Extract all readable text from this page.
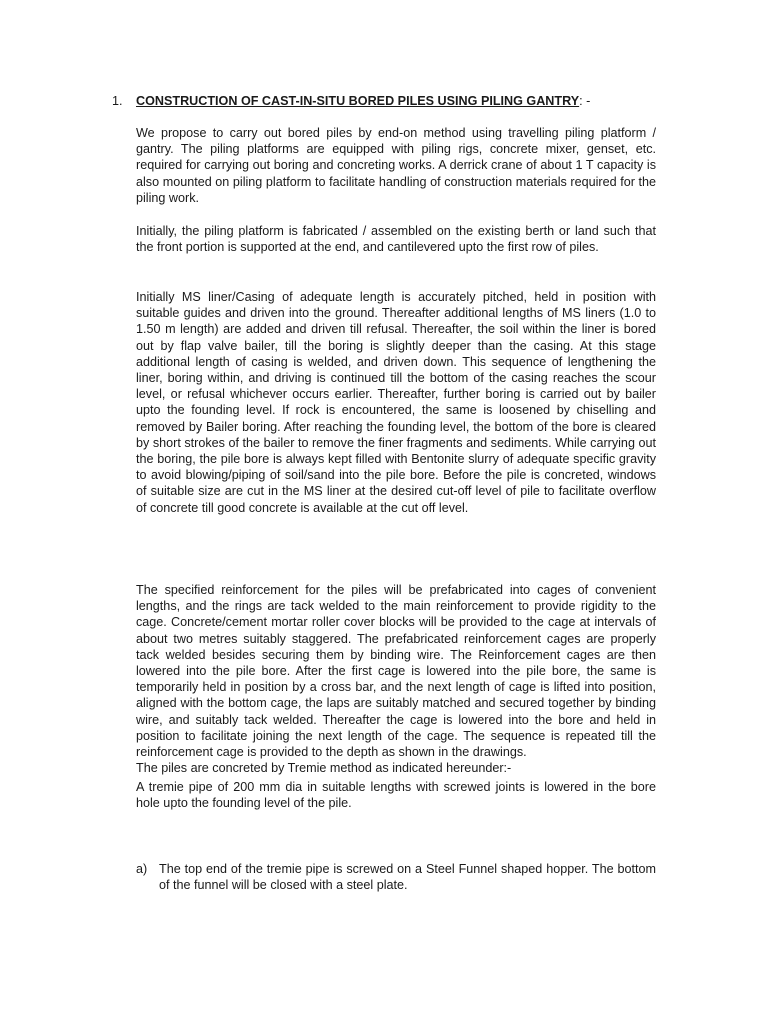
1. CONSTRUCTION OF CAST-IN-SITU BORED PILES USING PILING GANTRY: -

We propose to carry out bored piles by end-on method using travelling piling platform / gantry. The piling platforms are equipped with piling rigs, concrete mixer, genset, etc. required for carrying out boring and concreting works. A derrick crane of about 1 T capacity is also mounted on piling platform to facilitate handling of construction materials required for the piling work.

Initially, the piling platform is fabricated / assembled on the existing berth or land such that the front portion is supported at the end, and cantilevered upto the first row of piles.

Initially MS liner/Casing of adequate length is accurately pitched, held in position with suitable guides and driven into the ground. Thereafter additional lengths of MS liners (1.0 to 1.50 m length) are added and driven till refusal. Thereafter, the soil within the liner is bored out by flap valve bailer, till the boring is slightly deeper than the casing. At this stage additional length of casing is welded, and driven down. This sequence of lengthening the liner, boring within, and driving is continued till the bottom of the casing reaches the scour level, or refusal whichever occurs earlier. Thereafter, further boring is carried out by bailer upto the founding level. If rock is encountered, the same is loosened by chiselling and removed by Bailer boring. After reaching the founding level, the bottom of the bore is cleared by short strokes of the bailer to remove the finer fragments and sediments. While carrying out the boring, the pile bore is always kept filled with Bentonite slurry of adequate specific gravity to avoid blowing/piping of soil/sand into the pile bore. Before the pile is concreted, windows of suitable size are cut in the MS liner at the desired cut-off level of pile to facilitate overflow of concrete till good concrete is available at the cut off level.

The specified reinforcement for the piles will be prefabricated into cages of convenient lengths, and the rings are tack welded to the main reinforcement to provide rigidity to the cage. Concrete/cement mortar roller cover blocks will be provided to the cage at intervals of about two metres suitably staggered. The prefabricated reinforcement cages are properly tack welded besides securing them by binding wire. The Reinforcement cages are then lowered into the pile bore. After the first cage is lowered into the pile bore, the same is temporarily held in position by a cross bar, and the next length of cage is lifted into position, aligned with the bottom cage, the laps are suitably matched and secured together by binding wire, and suitably tack welded. Thereafter the cage is lowered into the bore and held in position to facilitate joining the next length of the cage. The sequence is repeated till the reinforcement cage is provided to the depth as shown in the drawings.
The piles are concreted by Tremie method as indicated hereunder:-

A tremie pipe of 200 mm dia in suitable lengths with screwed joints is lowered in the bore hole upto the founding level of the pile.

a) The top end of the tremie pipe is screwed on a Steel Funnel shaped hopper. The bottom of the funnel will be closed with a steel plate.
